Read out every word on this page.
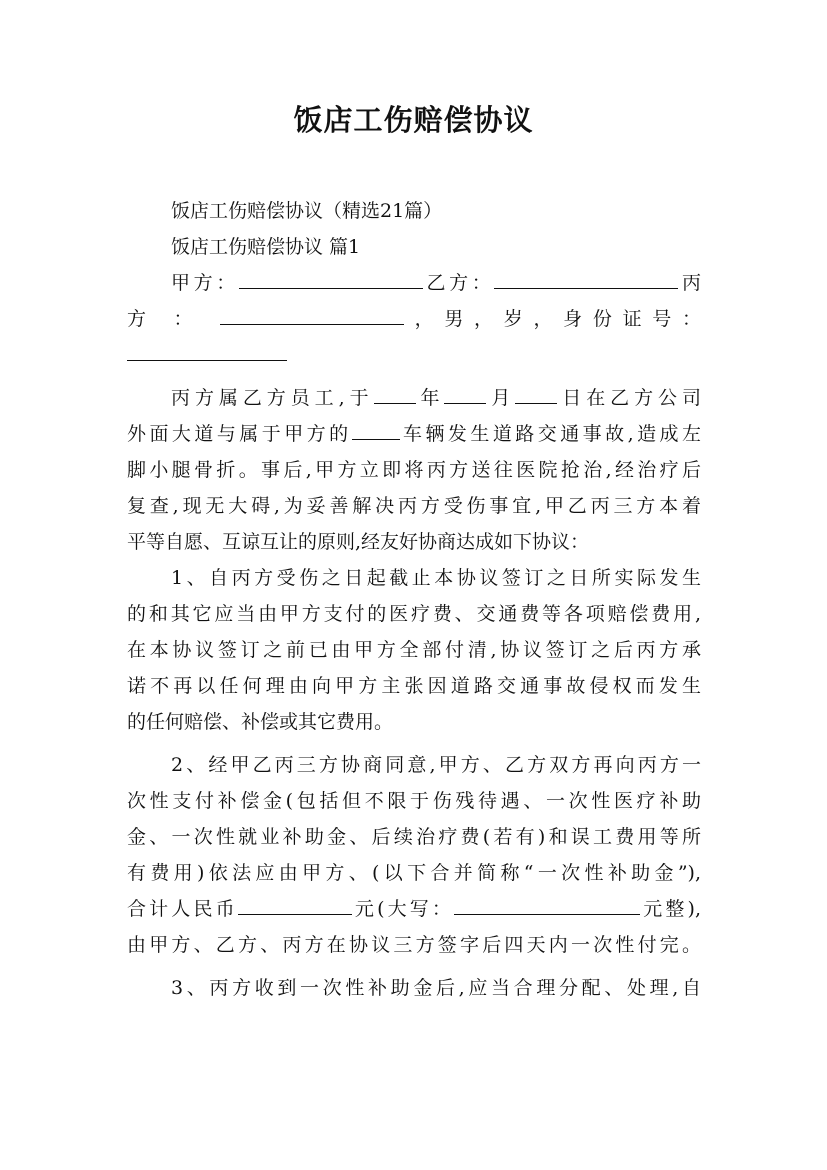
饭店工伤赔偿协议
饭店工伤赔偿协议（精选21篇）
饭店工伤赔偿协议 篇1
甲方：	乙方：	丙
方 ：	，男，岁，身份证号：
丙方属乙方员工,于 年 月 日在乙方公司
外面大道与属于甲方的	车辆发生道路交通事故,造成左
脚小腿骨折。事后,甲方立即将丙方送往医院抢治,经治疗后
复查,现无大碍,为妥善解决丙方受伤事宜,甲乙丙三方本着
平等自愿、互谅互让的原则,经友好协商达成如下协议：
1、自丙方受伤之日起截止本协议签订之日所实际发生
的和其它应当由甲方支付的医疗费、交通费等各项赔偿费用,
在本协议签订之前已由甲方全部付清,协议签订之后丙方承
诺不再以任何理由向甲方主张因道路交通事故侵权而发生
的任何赔偿、补偿或其它费用。
2、经甲乙丙三方协商同意,甲方、乙方双方再向丙方一
次性支付补偿金(包括但不限于伤残待遇、一次性医疗补助
金、一次性就业补助金、后续治疗费(若有)和误工费用等所
有费用)依法应由甲方、(以下合并简称“一次性补助金”),
合计人民币	元(大写：	元整),
由甲方、乙方、丙方在协议三方签字后四天内一次性付完。
3、丙方收到一次性补助金后,应当合理分配、处理,自
